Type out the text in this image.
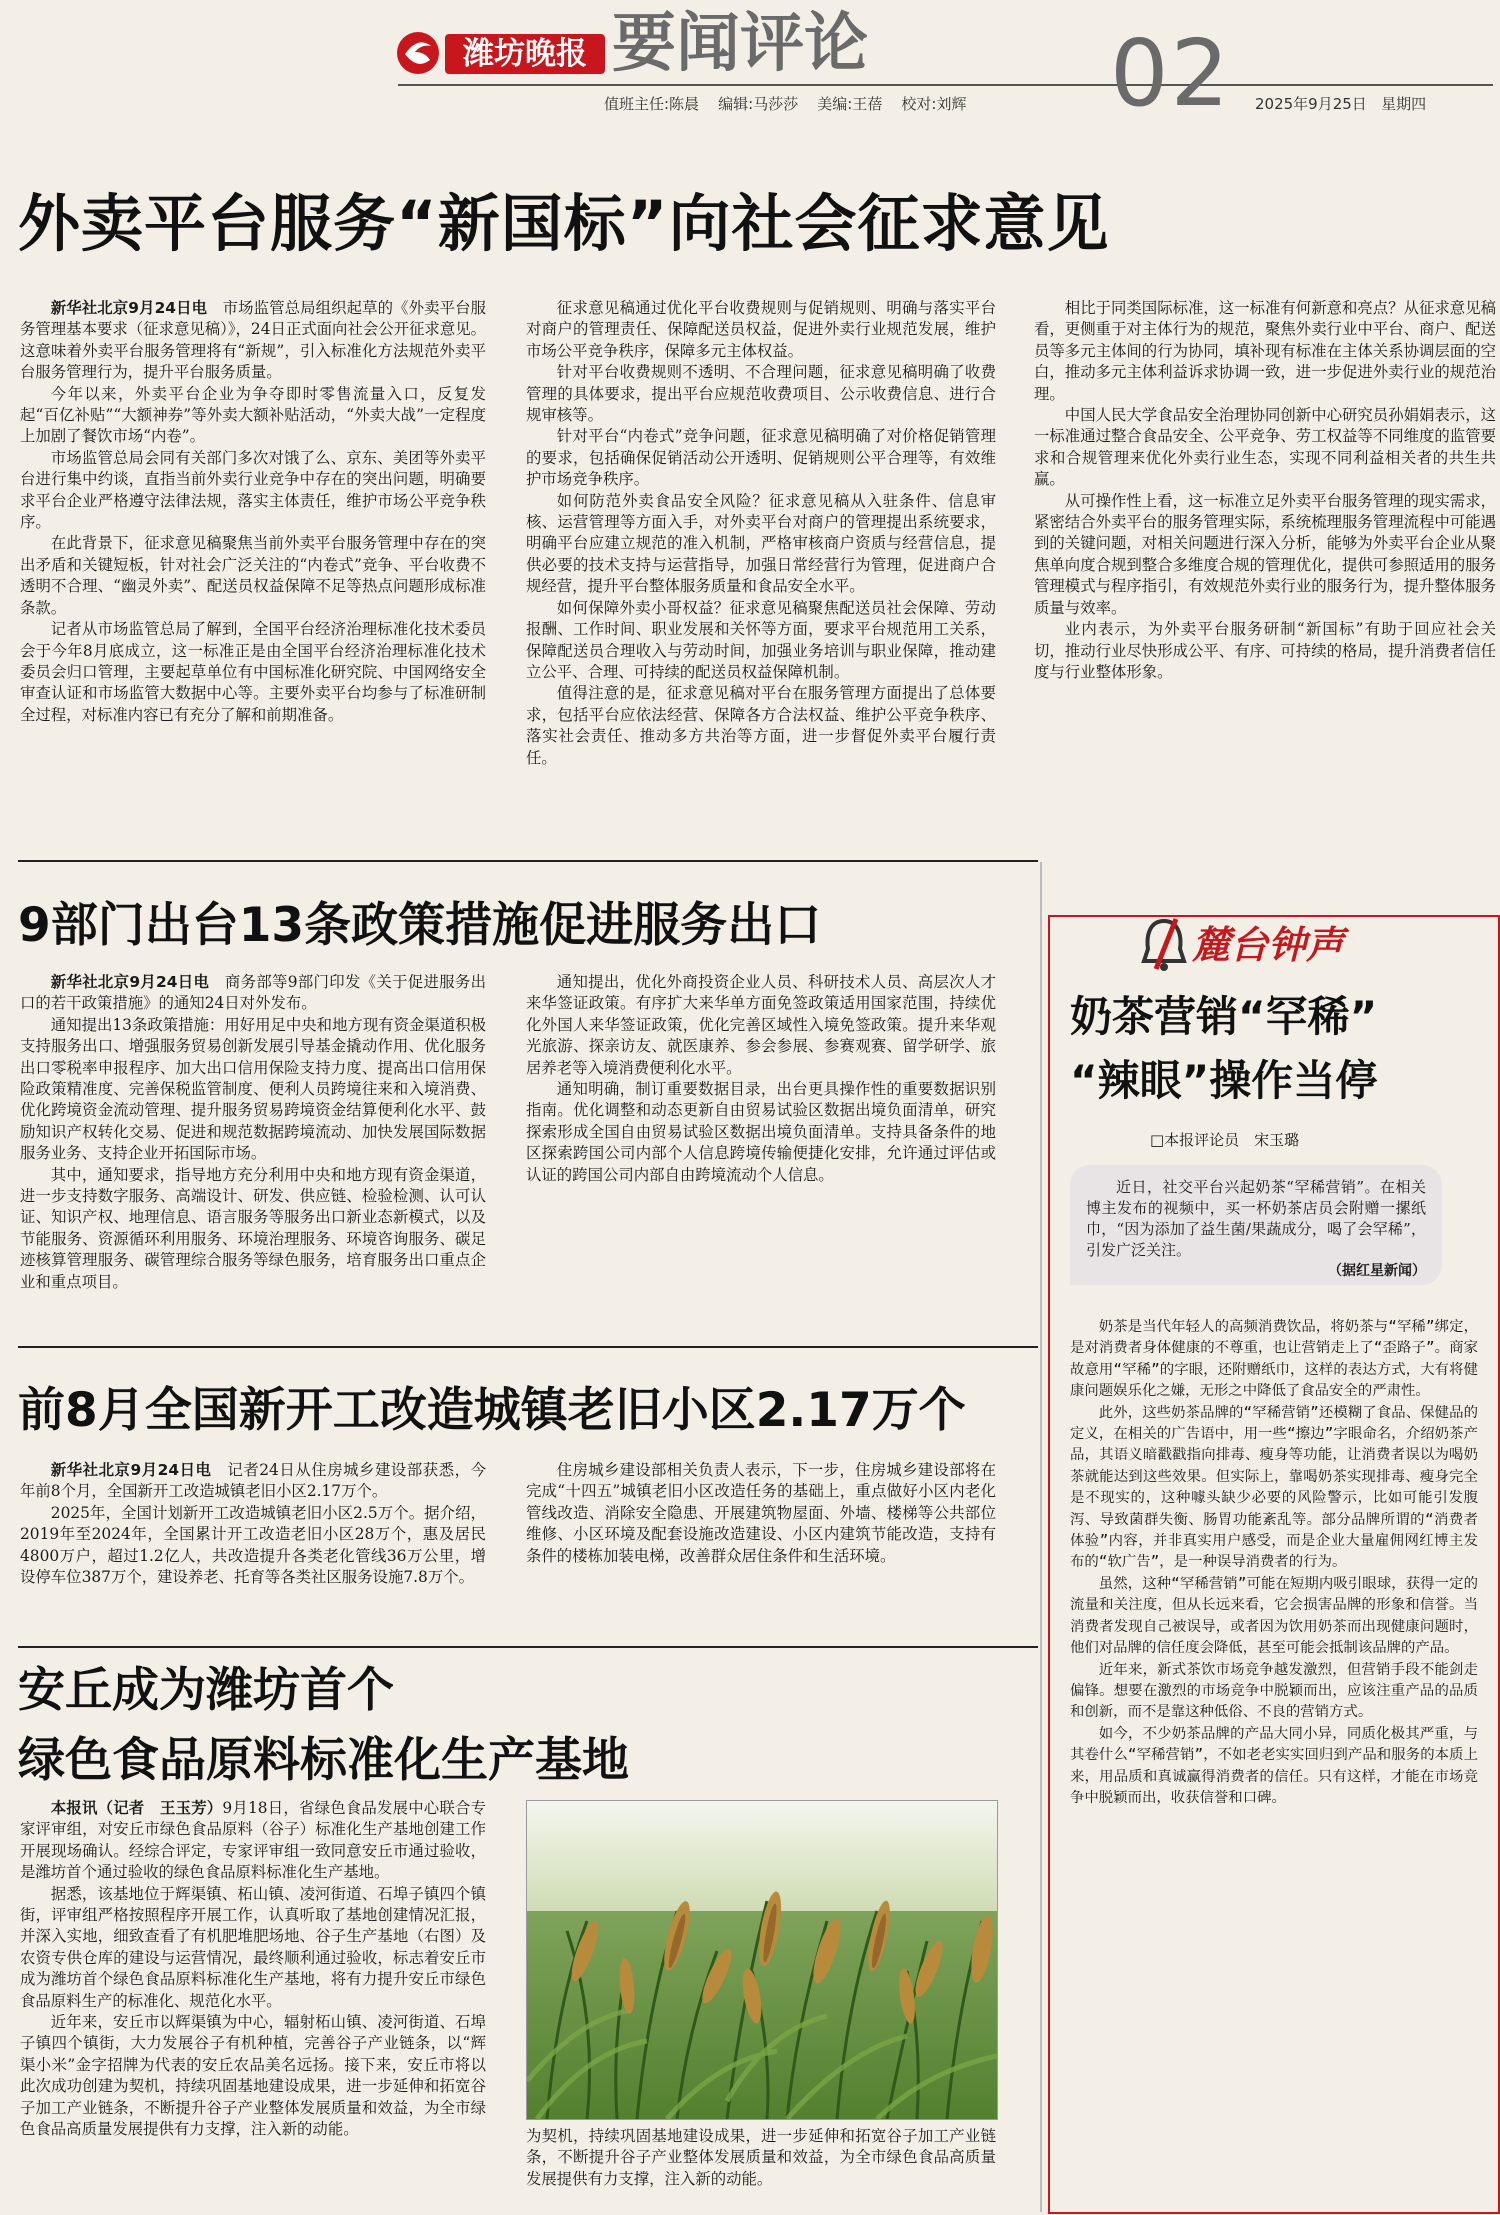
潍坊晚报 要闻评论
值班主任:陈晨 编辑:马莎莎 美编:王蓓 校对:刘辉 02 2025年9月25日 星期四
外卖平台服务“新国标”向社会征求意见

新华社北京9月24日电　 市场监管总局组织起草的《外卖平台服务管理基本要求（征求意见稿）》，24日正式面向社会公开征求意见。这意味着外卖平台服务管理将有“新规”，引入标准化方法规范外卖平台服务管理行为，提升平台服务质量。

今年以来，外卖平台企业为争夺即时零售流量入口，反复发起“百亿补贴”“大额神券”等外卖大额补贴活动，“外卖大战”一定程度上加剧了餐饮市场“内卷”。

市场监管总局会同有关部门多次对饿了么、京东、美团等外卖平台进行集中约谈，直指当前外卖行业竞争中存在的突出问题，明确要求平台企业严格遵守法律法规，落实主体责任，维护市场公平竞争秩序。

在此背景下，征求意见稿聚焦当前外卖平台服务管理中存在的突出矛盾和关键短板，针对社会广泛关注的“内卷式”竞争、平台收费不透明不合理、“幽灵外卖”、配送员权益保障不足等热点问题形成标准条款。

记者从市场监管总局了解到，全国平台经济治理标准化技术委员会于今年8月底成立，这一标准正是由全国平台经济治理标准化技术委员会归口管理，主要起草单位有中国标准化研究院、中国网络安全审查认证和市场监管大数据中心等。主要外卖平台均参与了标准研制全过程，对标准内容已有充分了解和前期准备。

征求意见稿通过优化平台收费规则与促销规则、明确与落实平台对商户的管理责任、保障配送员权益，促进外卖行业规范发展，维护市场公平竞争秩序，保障多元主体权益。

针对平台收费规则不透明、不合理问题，征求意见稿明确了收费管理的具体要求，提出平台应规范收费项目、公示收费信息、进行合规审核等。

针对平台“内卷式”竞争问题，征求意见稿明确了对价格促销管理的要求，包括确保促销活动公开透明、促销规则公平合理等，有效维护市场竞争秩序。

如何防范外卖食品安全风险？征求意见稿从入驻条件、信息审核、运营管理等方面入手，对外卖平台对商户的管理提出系统要求，明确平台应建立规范的准入机制，严格审核商户资质与经营信息，提供必要的技术支持与运营指导，加强日常经营行为管理，促进商户合规经营，提升平台整体服务质量和食品安全水平。

如何保障外卖小哥权益？征求意见稿聚焦配送员社会保障、劳动报酬、工作时间、职业发展和关怀等方面，要求平台规范用工关系，保障配送员合理收入与劳动时间，加强业务培训与职业保障，推动建立公平、合理、可持续的配送员权益保障机制。

值得注意的是，征求意见稿对平台在服务管理方面提出了总体要求，包括平台应依法经营、保障各方合法权益、维护公平竞争秩序、落实社会责任、推动多方共治等方面，进一步督促外卖平台履行责任。

相比于同类国际标准，这一标准有何新意和亮点？从征求意见稿看，更侧重于对主体行为的规范，聚焦外卖行业中平台、商户、配送员等多元主体间的行为协同，填补现有标准在主体关系协调层面的空白，推动多元主体利益诉求协调一致，进一步促进外卖行业的规范治理。

中国人民大学食品安全治理协同创新中心研究员孙娟娟表示，这一标准通过整合食品安全、公平竞争、劳工权益等不同维度的监管要求和合规管理来优化外卖行业生态，实现不同利益相关者的共生共赢。

从可操作性上看，这一标准立足外卖平台服务管理的现实需求，紧密结合外卖平台的服务管理实际，系统梳理服务管理流程中可能遇到的关键问题，对相关问题进行深入分析，能够为外卖平台企业从聚焦单向度合规到整合多维度合规的管理优化，提供可参照适用的服务管理模式与程序指引，有效规范外卖行业的服务行为，提升整体服务质量与效率。

业内表示，为外卖平台服务研制“新国标”有助于回应社会关切，推动行业尽快形成公平、有序、可持续的格局，提升消费者信任度与行业整体形象。

9部门出台13条政策措施促进服务出口

新华社北京9月24日电　 商务部等9部门印发《关于促进服务出口的若干政策措施》的通知24日对外发布。

通知提出13条政策措施：用好用足中央和地方现有资金渠道积极支持服务出口、增强服务贸易创新发展引导基金撬动作用、优化服务出口零税率申报程序、加大出口信用保险支持力度、提高出口信用保险政策精准度、完善保税监管制度、便利人员跨境往来和入境消费、优化跨境资金流动管理、提升服务贸易跨境资金结算便利化水平、鼓励知识产权转化交易、促进和规范数据跨境流动、加快发展国际数据服务业务、支持企业开拓国际市场。

其中，通知要求，指导地方充分利用中央和地方现有资金渠道，进一步支持数字服务、高端设计、研发、供应链、检验检测、认可认证、知识产权、地理信息、语言服务等服务出口新业态新模式，以及节能服务、资源循环利用服务、环境治理服务、环境咨询服务、碳足迹核算管理服务、碳管理综合服务等绿色服务，培育服务出口重点企业和重点项目。

通知提出，优化外商投资企业人员、科研技术人员、高层次人才来华签证政策。有序扩大来华单方面免签政策适用国家范围，持续优化外国人来华签证政策，优化完善区域性入境免签政策。提升来华观光旅游、探亲访友、就医康养、参会参展、参赛观赛、留学研学、旅居养老等入境消费便利化水平。

通知明确，制订重要数据目录，出台更具操作性的重要数据识别指南。优化调整和动态更新自由贸易试验区数据出境负面清单，研究探索形成全国自由贸易试验区数据出境负面清单。支持具备条件的地区探索跨国公司内部个人信息跨境传输便捷化安排，允许通过评估或认证的跨国公司内部自由跨境流动个人信息。

前8月全国新开工改造城镇老旧小区2.17万个

新华社北京9月24日电　 记者24日从住房城乡建设部获悉，今年前8个月，全国新开工改造城镇老旧小区2.17万个。

2025年，全国计划新开工改造城镇老旧小区2.5万个。据介绍，2019年至2024年，全国累计开工改造老旧小区28万个，惠及居民4800万户，超过1.2亿人，共改造提升各类老化管线36万公里，增设停车位387万个，建设养老、托育等各类社区服务设施7.8万个。

住房城乡建设部相关负责人表示，下一步，住房城乡建设部将在完成“十四五”城镇老旧小区改造任务的基础上，重点做好小区内老化管线改造、消除安全隐患、开展建筑物屋面、外墙、楼梯等公共部位维修、小区环境及配套设施改造建设、小区内建筑节能改造，支持有条件的楼栋加装电梯，改善群众居住条件和生活环境。

安丘成为潍坊首个
绿色食品原料标准化生产基地

本报讯（记者　王玉芳）9月18日，省绿色食品发展中心联合专家评审组，对安丘市绿色食品原料（谷子）标准化生产基地创建工作开展现场确认。经综合评定，专家评审组一致同意安丘市通过验收，是潍坊首个通过验收的绿色食品原料标准化生产基地。

据悉，该基地位于辉渠镇、柘山镇、凌河街道、石埠子镇四个镇街，评审组严格按照程序开展工作，认真听取了基地创建情况汇报，并深入实地，细致查看了有机肥堆肥场地、谷子生产基地（右图）及农资专供仓库的建设与运营情况，最终顺利通过验收，标志着安丘市成为潍坊首个绿色食品原料标准化生产基地，将有力提升安丘市绿色食品原料生产的标准化、规范化水平。

近年来，安丘市以辉渠镇为中心，辐射柘山镇、凌河街道、石埠子镇四个镇街，大力发展谷子有机种植，完善谷子产业链条，以“辉渠小米”金字招牌为代表的安丘农品美名远扬。接下来，安丘市将以此次成功创建为契机，持续巩固基地建设成果，进一步延伸和拓宽谷子加工产业链条，不断提升谷子产业整体发展质量和效益，为全市绿色食品高质量发展提供有力支撑，注入新的动能。	为契机，持续巩固基地建设成果，进一步延伸和拓宽谷子加工产业链条，不断提升谷子产业整体发展质量和效益，为全市绿色食品高质量发展提供有力支撑，注入新的动能。

麓台钟声
奶茶营销“罕稀”
“辣眼”操作当停
□本报评论员　宋玉璐

近日，社交平台兴起奶茶“罕稀营销”。在相关博主发布的视频中，买一杯奶茶店员会附赠一摞纸巾，“因为添加了益生菌/果蔬成分，喝了会罕稀”，引发广泛关注。

（据红星新闻）

奶茶是当代年轻人的高频消费饮品，将奶茶与“罕稀”绑定，是对消费者身体健康的不尊重，也让营销走上了“歪路子”。商家故意用“罕稀”的字眼，还附赠纸巾，这样的表达方式，大有将健康问题娱乐化之嫌，无形之中降低了食品安全的严肃性。

此外，这些奶茶品牌的“罕稀营销”还模糊了食品、保健品的定义，在相关的广告语中，用一些“擦边”字眼命名，介绍奶茶产品，其语义暗戳戳指向排毒、瘦身等功能，让消费者误以为喝奶茶就能达到这些效果。但实际上，靠喝奶茶实现排毒、瘦身完全是不现实的，这种噱头缺少必要的风险警示，比如可能引发腹泻、导致菌群失衡、肠胃功能紊乱等。部分品牌所谓的“消费者体验”内容，并非真实用户感受，而是企业大量雇佣网红博主发布的“软广告”，是一种误导消费者的行为。

虽然，这种“罕稀营销”可能在短期内吸引眼球，获得一定的流量和关注度，但从长远来看，它会损害品牌的形象和信誉。当消费者发现自己被误导，或者因为饮用奶茶而出现健康问题时，他们对品牌的信任度会降低，甚至可能会抵制该品牌的产品。

近年来，新式茶饮市场竞争越发激烈，但营销手段不能剑走偏锋。想要在激烈的市场竞争中脱颖而出，应该注重产品的品质和创新，而不是靠这种低俗、不良的营销方式。

如今，不少奶茶品牌的产品大同小异，同质化极其严重，与其卷什么“罕稀营销”，不如老老实实回归到产品和服务的本质上来，用品质和真诚赢得消费者的信任。只有这样，才能在市场竞争中脱颖而出，收获信誉和口碑。
